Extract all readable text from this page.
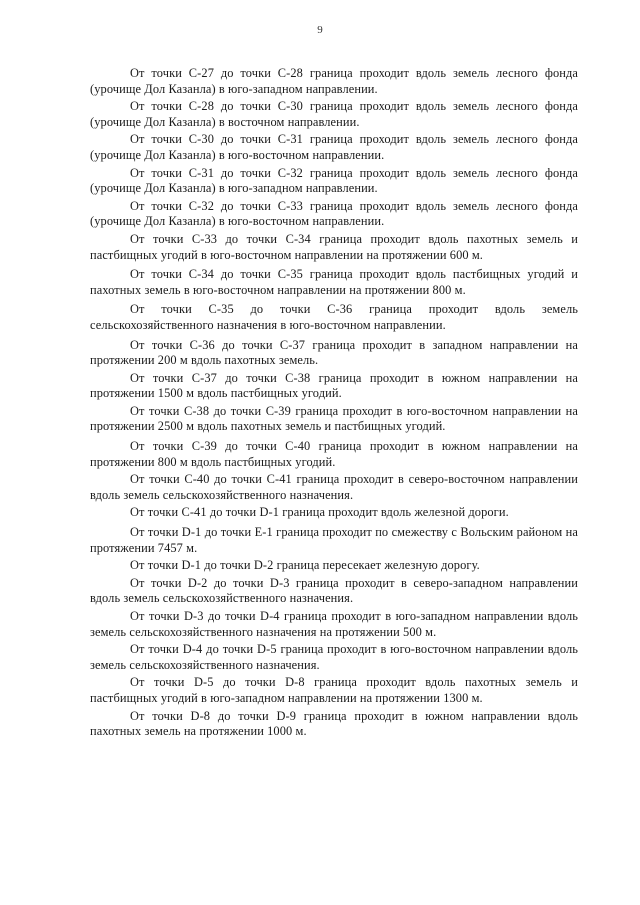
9

От точки С-27 до точки С-28 граница проходит вдоль земель лесного фонда (урочище Дол Казанла) в юго-западном направлении.

От точки С-28 до точки С-30 граница проходит вдоль земель лесного фонда (урочище Дол Казанла) в восточном направлении.

От точки С-30 до точки С-31 граница проходит вдоль земель лесного фонда (урочище Дол Казанла) в юго-восточном направлении.

От точки С-31 до точки С-32 граница проходит вдоль земель лесного фонда (урочище Дол Казанла) в юго-западном направлении.

От точки С-32 до точки С-33 граница проходит вдоль земель лесного фонда (урочище Дол Казанла) в юго-восточном направлении.

От точки С-33 до точки С-34 граница проходит вдоль пахотных земель и пастбищных угодий в юго-восточном направлении на протяжении 600 м.

От точки С-34 до точки С-35 граница проходит вдоль пастбищных угодий и пахотных земель в юго-восточном направлении на протяжении 800 м.

От точки С-35 до точки С-36 граница проходит вдоль земель сельскохозяйственного назначения в юго-восточном направлении.

От точки С-36 до точки С-37 граница проходит в западном направлении на протяжении 200 м вдоль пахотных земель.

От точки С-37 до точки С-38 граница проходит в южном направлении на протяжении 1500 м вдоль пастбищных угодий.

От точки С-38 до точки С-39 граница проходит в юго-восточном направлении на протяжении 2500 м вдоль пахотных земель и пастбищных угодий.

От точки С-39 до точки С-40 граница проходит в южном направлении на протяжении 800 м вдоль пастбищных угодий.

От точки С-40 до точки С-41 граница проходит в северо-восточном направлении вдоль земель сельскохозяйственного назначения.

От точки С-41 до точки D-1 граница проходит вдоль железной дороги.

От точки D-1 до точки Е-1 граница проходит по смежеству с Вольским районом на протяжении 7457 м.

От точки D-1 до точки D-2 граница пересекает железную дорогу.

От точки D-2 до точки D-3 граница проходит в северо-западном направлении вдоль земель сельскохозяйственного назначения.

От точки D-3 до точки D-4 граница проходит в юго-западном направлении вдоль земель сельскохозяйственного назначения на протяжении 500 м.

От точки D-4 до точки D-5 граница проходит в юго-восточном направлении вдоль земель сельскохозяйственного назначения.

От точки D-5 до точки D-8 граница проходит вдоль пахотных земель и пастбищных угодий в юго-западном направлении на протяжении 1300 м.

От точки D-8 до точки D-9 граница проходит в южном направлении вдоль пахотных земель на протяжении 1000 м.
